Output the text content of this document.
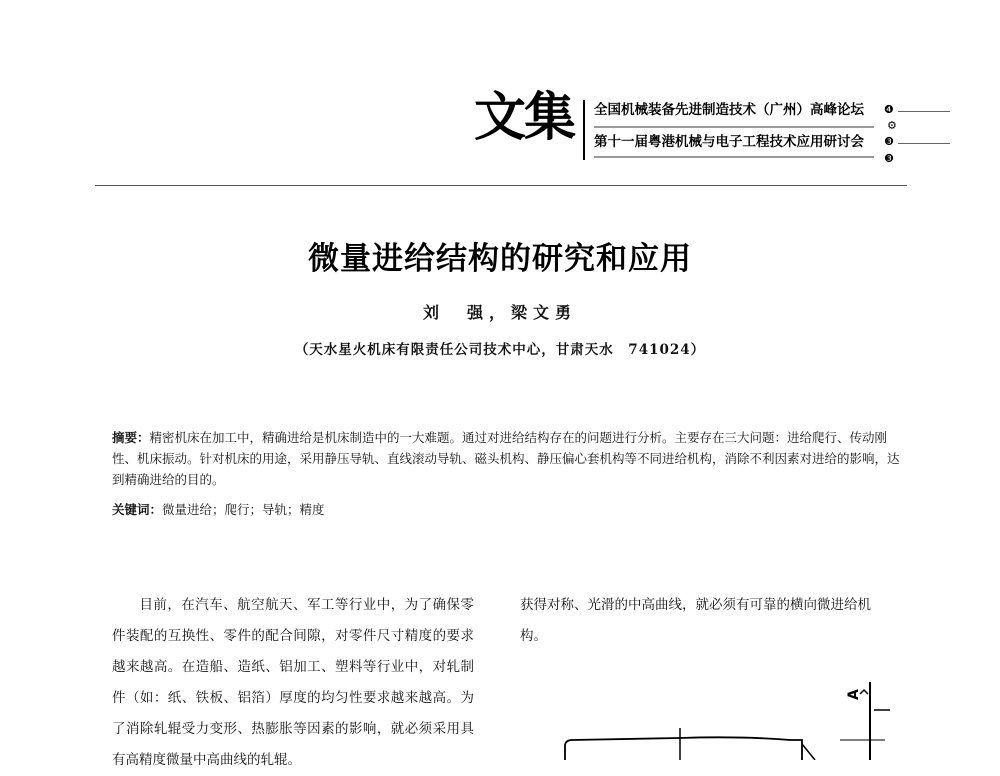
文集 全国机械装备先进制造技术（广州）高峰论坛
第十一届粤港机械与电子工程技术应用研讨会
❹
⚙
❸
❸
微量进给结构的研究和应用
刘　强，梁文勇
（天水星火机床有限责任公司技术中心，甘肃天水　741024）

摘要：精密机床在加工中，精确进给是机床制造中的一大难题。通过对进给结构存在的问题进行分析。主要存在三大问题：进给爬行、传动刚性、机床振动。针对机床的用途，采用静压导轨、直线滚动导轨、磁头机构、静压偏心套机构等不同进给机构，消除不利因素对进给的影响，达到精确进给的目的。

关键词：微量进给；爬行；导轨；精度

目前，在汽车、航空航天、军工等行业中，为了确保零件装配的互换性、零件的配合间隙，对零件尺寸精度的要求越来越高。在造船、造纸、铝加工、塑料等行业中，对轧制件（如：纸、铁板、铝箔）厚度的均匀性要求越来越高。为了消除轧辊受力变形、热膨胀等因素的影响，就必须采用具有高精度微量中高曲线的轧辊。

获得对称、光滑的中高曲线，就必须有可靠的横向微进给机构。

A
